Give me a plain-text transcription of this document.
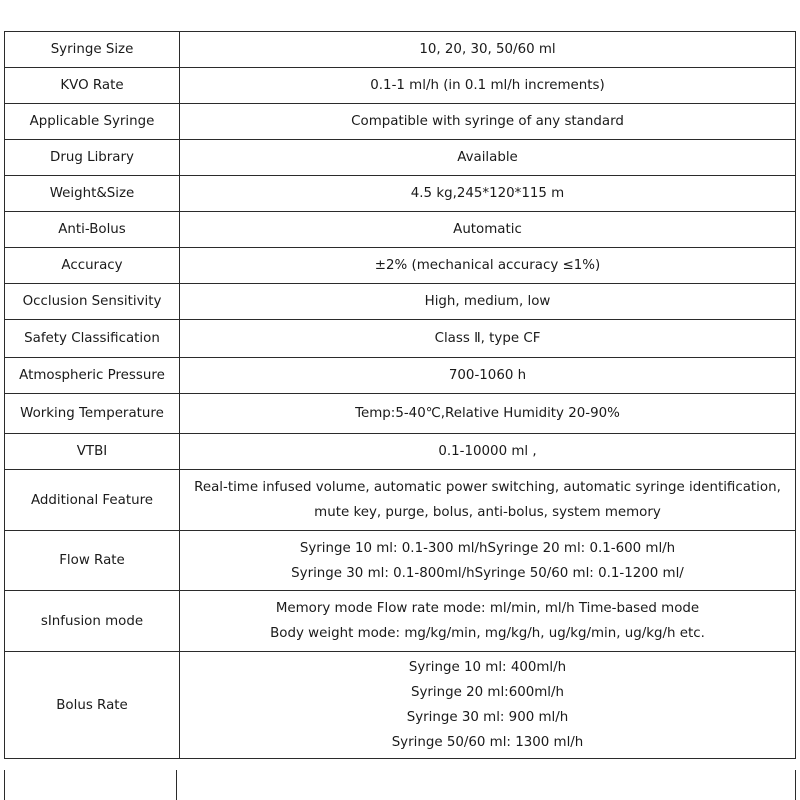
Syringe Size	10, 20, 30, 50/60 ml
KVO Rate	0.1-1 ml/h (in 0.1 ml/h increments)
Applicable Syringe	Compatible with syringe of any standard
Drug Library	Available
Weight&Size	4.5 kg,245*120*115 m
Anti-Bolus	Automatic
Accuracy	±2% (mechanical accuracy ≤1%)
Occlusion Sensitivity	High, medium, low
Safety Classification	Class Ⅱ, type CF
Atmospheric Pressure	700-1060 h
Working Temperature	Temp:5-40℃,Relative Humidity 20-90%
VTBI	0.1-10000 ml ,
Additional Feature	Real-time infused volume, automatic power switching, automatic syringe identification,
mute key, purge, bolus, anti-bolus, system memory

Flow Rate	Syringe 10 ml: 0.1-300 ml/hSyringe 20 ml: 0.1-600 ml/h
Syringe 30 ml: 0.1-800ml/hSyringe 50/60 ml: 0.1-1200 ml/

sInfusion mode	Memory mode Flow rate mode: ml/min, ml/h Time-based mode
Body weight mode: mg/kg/min, mg/kg/h, ug/kg/min, ug/kg/h etc.

Bolus Rate	Syringe 10 ml: 400ml/h
Syringe 20 ml:600ml/h
Syringe 30 ml: 900 ml/h
Syringe 50/60 ml: 1300 ml/h
